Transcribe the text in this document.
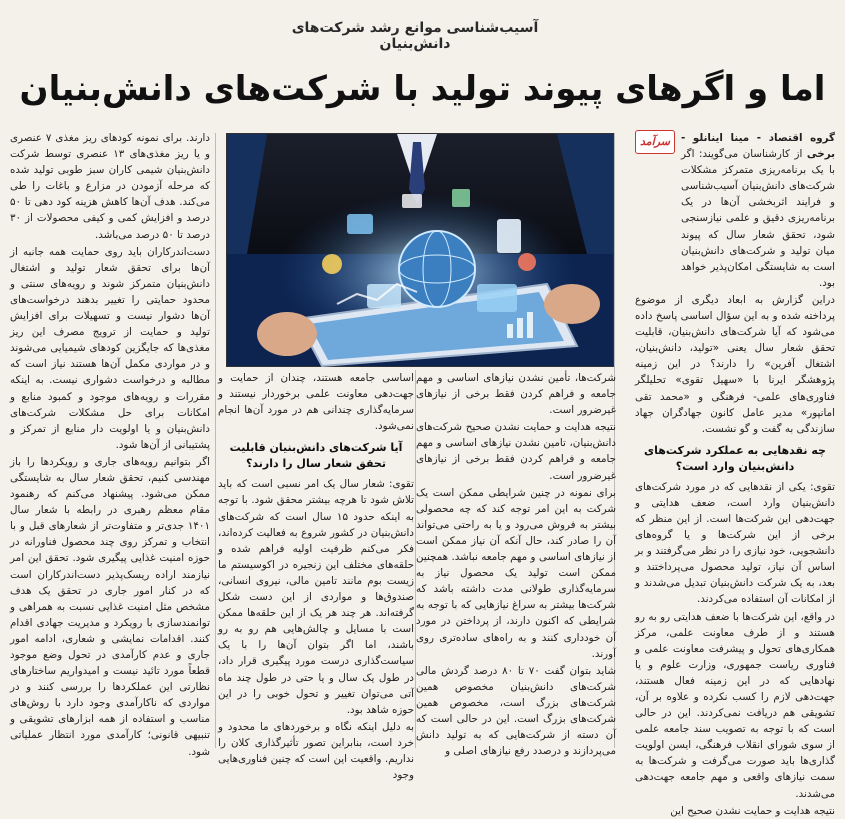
آسیب‌شناسی موانع رشد شرکت‌های دانش‌بنیان
اما و اگرهای پیوند تولید با شرکت‌های دانش‌بنیان

گروه اقتصاد - مینا اینانلو - برخی از کارشناسان می‌گویند: اگر با یک برنامه‌ریزی متمرکز مشکلات شرکت‌های دانش‌بنیان آسیب‌شناسی و فرایند اثربخشی آن‌ها در یک برنامه‌ریزی دقیق و علمی نیازسنجی شود، تحقق شعار سال که پیوند میان تولید و شرکت‌های دانش‌بنیان است به شایستگی امکان‌پذیر خواهد بود.

سرآمد

دراین گزارش به ابعاد دیگری از موضوع پرداخته شده و به این سؤال اساسی پاسخ داده می‌شود که آیا شرکت‌های دانش‌بنیان، قابلیت تحقق شعار سال یعنی «تولید، دانش‌بنیان، اشتغال آفرین» را دارند؟ در این زمینه پژوهشگر ایرنا با «سهیل تقوی» تحلیلگر فناوری‌های علمی- فرهنگی و «محمد تقی امانپور» مدیر عامل کانون جهادگران جهاد سازندگی به گفت و گو نشست.

چه نقدهایی به عملکرد شرکت‌های دانش‌بنیان وارد است؟

تقوی: یکی از نقدهایی که در مورد شرکت‌های دانش‌بنیان وارد است، ضعف هدایتی و جهت‌دهی این شرکت‌ها است. از این منظر که برخی از این شرکت‌ها و یا گروه‌های دانشجویی، خود نیازی را در نظر می‌گرفتند و بر اساس آن نیاز، تولید محصول می‌پرداختند و بعد، به یک شرکت دانش‌بنیان تبدیل می‌شدند و از امکانات آن استفاده می‌کردند.

در واقع، این شرکت‌ها با ضعف هدایتی رو به رو هستند و از طرف معاونت علمی، مرکز همکاری‌های تحول و پیشرفت معاونت علمی و فناوری ریاست جمهوری، وزارت علوم و یا نهادهایی که در این زمینه فعال هستند، جهت‌دهی لازم را کسب نکرده و علاوه بر آن، تشویقی هم دریافت نمی‌کردند. این در حالی است که با توجه به تصویب سند جامعه علمی از سوی شورای انقلاب فرهنگی، ایسن اولویت گذاری‌ها باید صورت می‌گرفت و شرکت‌ها به سمت نیازهای واقعی و مهم جامعه جهت‌دهی می‌شدند.

نتیجه هدایت و حمایت نشدن صحیح این

شرکت‌ها، تأمین نشدن نیازهای اساسی و مهم جامعه و فراهم کردن فقط برخی از نیازهای غیرضرور است.

نتیجه هدایت و حمایت نشدن صحیح شرکت‌های دانش‌بنیان، تامین نشدن نیازهای اساسی و مهم جامعه و فراهم کردن فقط برخی از نیازهای غیرضرور است.

برای نمونه در چنین شرایطی ممکن است یک شرکت به این امر توجه کند که چه محصولی بیشتر به فروش می‌رود و یا به راحتی می‌تواند آن را صادر کند، حال آنکه آن نیاز ممکن است از نیازهای اساسی و مهم جامعه نباشد. همچنین ممکن است تولید یک محصول نیاز به سرمایه‌گذاری طولانی مدت داشته باشد که شرکت‌ها بیشتر به سراغ نیازهایی که با توجه به شرایطی که اکنون دارند، از پرداختن در مورد آن خودداری کنند و به راه‌های ساده‌تری روی آورند.

شاید بتوان گفت ۷۰ تا ۸۰ درصد گردش مالی شرکت‌های دانش‌بنیان مخصوص همین شرکت‌های بزرگ است، مخصوص همین شرکت‌های بزرگ است. این در حالی است که آن دسته از شرکت‌هایی که به تولید دانش می‌پردازند و درصدد رفع نیازهای اصلی و

اساسی جامعه هستند، چندان از حمایت و جهت‌دهی معاونت علمی برخوردار نیستند و سرمایه‌گذاری چندانی هم در مورد آن‌ها انجام نمی‌شود.

آیا شرکت‌های دانش‌بنیان قابلیت تحقق شعار سال را دارند؟

تقوی: شعار سال یک امر نسبی است که باید تلاش شود تا هرچه بیشتر محقق شود. با توجه به اینکه حدود ۱۵ سال است که شرکت‌های دانش‌بنیان در کشور شروع به فعالیت کرده‌اند، فکر می‌کنم ظرفیت اولیه فراهم شده و حلقه‌های مختلف این زنجیره در اکوسیستم ما زیست بوم مانند تامین مالی، نیروی انسانی، صندوق‌ها و مواردی از این دست شکل گرفته‌اند. هر چند هر یک از این حلقه‌ها ممکن است با مسایل و چالش‌هایی هم رو به رو باشند، اما اگر بتوان آن‌ها را با یک سیاست‌گذاری درست مورد پیگیری قرار داد، در طول یک سال و یا حتی در طول چند ماه آتی می‌توان تغییر و تحول خوبی را در این حوزه شاهد بود.

به دلیل اینکه نگاه و برخوردهای ما محدود و خرد است، بنابراین تصور تأثیرگذاری کلان را نداریم. واقعیت این است که چنین فناوری‌هایی وجود

دارند. برای نمونه کودهای ریز مغذی ۷ عنصری و یا ریز مغذی‌های ۱۳ عنصری توسط شرکت دانش‌بنیان شیمی کاران سبز طوبی تولید شده که مرحله آزمودن در مزارع و باغات را طی می‌کند. هدف آن‌ها کاهش هزینه کود دهی تا ۵۰ درصد و افزایش کمی و کیفی محصولات از ۳۰ درصد تا ۵۰ درصد می‌باشد.

دست‌اندرکاران باید روی حمایت همه جانبه از آن‌ها برای تحقق شعار تولید و اشتغال دانش‌بنیان متمرکز شوند و رویه‌های سنتی و محدود حمایتی را تغییر بدهند درخواست‌های آن‌ها دشوار نیست و تسهیلات برای افزایش تولید و حمایت از ترویج مصرف این ریز مغذی‌ها که جایگزین کودهای شیمیایی می‌شوند و در مواردی مکمل آن‌ها هستند نیاز است که مطالبه و درخواست دشواری نیست. به اینکه مقررات و رویه‌های موجود و کمبود منابع و امکانات برای حل مشکلات شرکت‌های دانش‌بنیان و یا اولویت دار منابع از تمرکز و پشتیبانی از آن‌ها شود.

اگر بتوانیم رویه‌های جاری و رویکردها را باز مهندسی کنیم، تحقق شعار سال به شایستگی ممکن می‌شود. پیشنهاد می‌کنم که رهنمود مقام معظم رهبری در رابطه با شعار سال ۱۴۰۱ جدی‌تر و متفاوت‌تر از شعارهای قبل و با انتخاب و تمرکز روی چند محصول فناورانه در حوزه امنیت غذایی پیگیری شود. تحقق این امر نیازمند اراده ریسک‌پذیر دست‌اندرکاران است که در کنار امور جاری در تحقق یک هدف مشخص مثل امنیت غذایی نسبت به همراهی و توانمندسازی با رویکرد و مدیریت جهادی اقدام کنند. اقدامات نمایشی و شعاری، ادامه امور جاری و عدم کارآمدی در تحول وضع موجود قطعاً مورد تائید نیست و امیدواریم ساختارهای نظارتی این عملکردها را بررسی کنند و در مواردی که ناکارآمدی وجود دارد با روش‌های مناسب و استفاده از همه ابزارهای تشویقی و تنبیهی قانونی؛ کارآمدی مورد انتظار عملیاتی شود.
